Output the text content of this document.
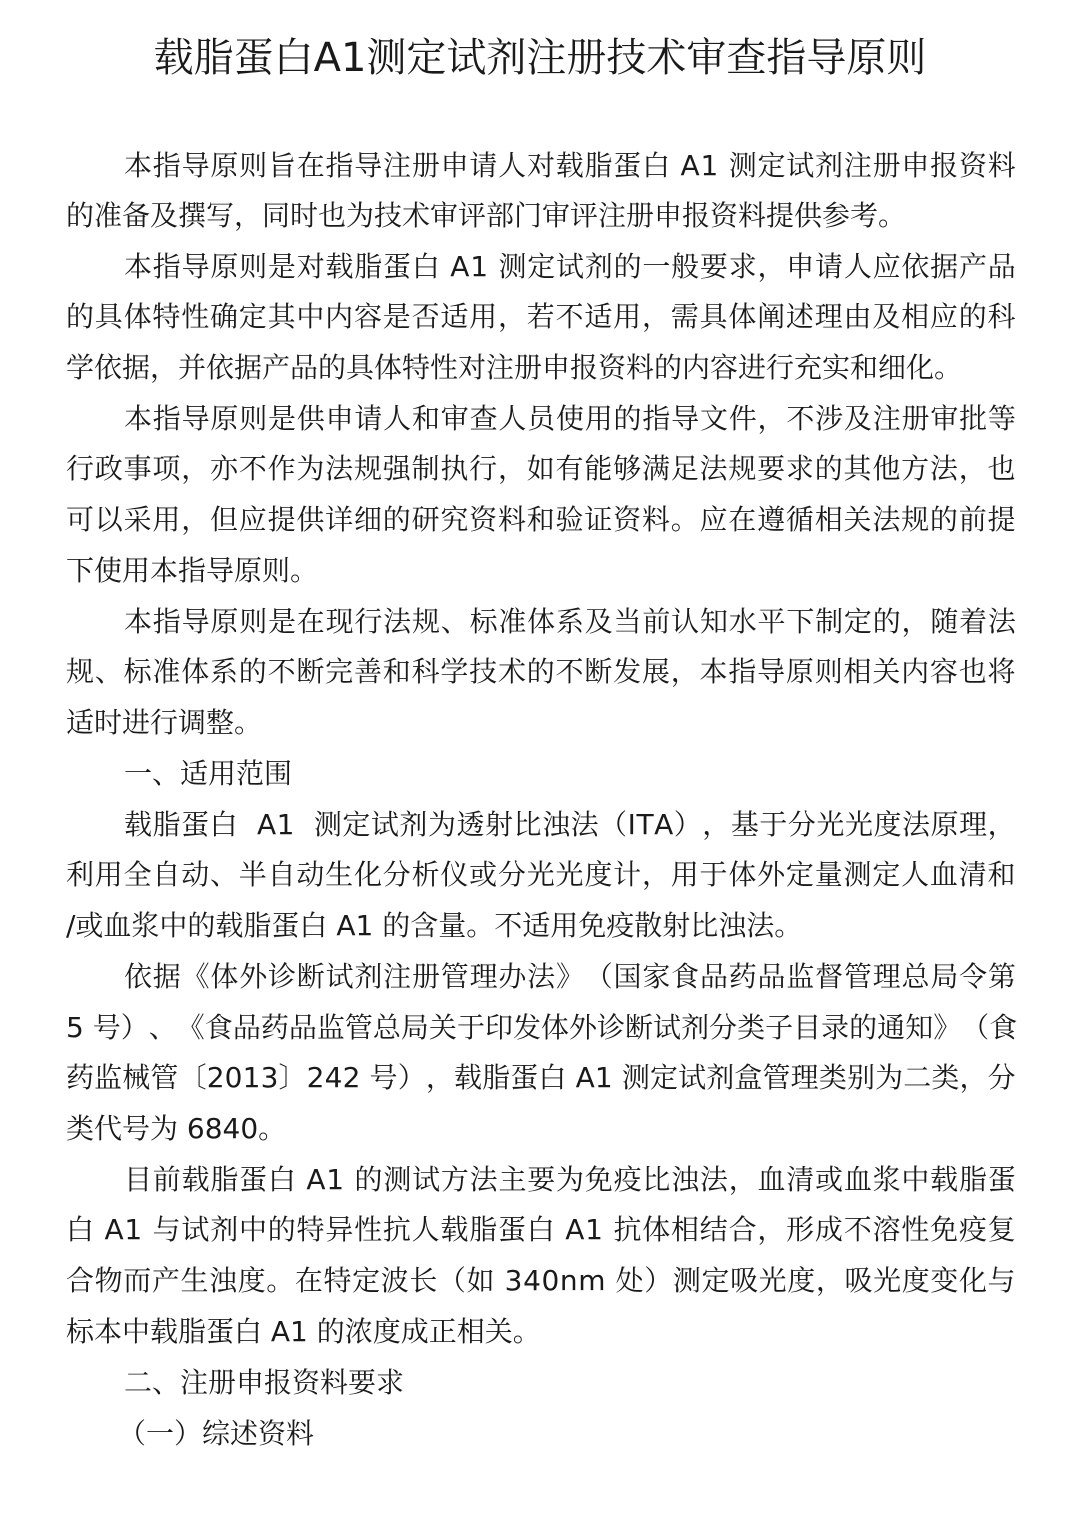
载脂蛋白A1测定试剂注册技术审查指导原则
本 指 导 原 则 旨 在 指 导 注 册 申 请 人 对 载 脂 蛋 白
A 1
测 定 试 剂 注 册 申 报 资 料
的准备及撰写，同时也为技术审评部门审评注册申报资料提供参考。
本 指 导 原 则 是 对 载 脂 蛋 白
A 1
测 定 试 剂 的 一 般 要 求 ， 申 请 人 应 依 据 产 品
的 具 体 特 性 确 定 其 中 内 容 是 否 适 用 ， 若 不 适 用 ， 需 具 体 阐 述 理 由 及 相 应 的 科
学依据，并依据产品的具体特性对注册申报资料的内容进行充实和细化。
本 指 导 原 则 是 供 申 请 人 和 审 查 人 员 使 用 的 指 导 文 件 ， 不 涉 及 注 册 审 批 等
行 政 事 项 ， 亦 不 作 为 法 规 强 制 执 行 ， 如 有 能 够 满 足 法 规 要 求 的 其 他 方 法 ， 也
可 以 采 用 ， 但 应 提 供 详 细 的 研 究 资 料 和 验 证 资 料 。 应 在 遵 循 相 关 法 规 的 前 提
下使用本指导原则。
本 指 导 原 则 是 在 现 行 法 规 、 标 准 体 系 及 当 前 认 知 水 平 下 制 定 的 ， 随 着 法
规 、 标 准 体 系 的 不 断 完 善 和 科 学 技 术 的 不 断 发 展 ， 本 指 导 原 则 相 关 内 容 也 将
适时进行调整。
一、适用范围
载 脂 蛋 白

A 1

测 定 试 剂 为 透 射 比 浊 法 （ I T A ） ， 基 于 分 光 光 度 法 原 理 ，
利 用 全 自 动 、 半 自 动 生 化 分 析 仪 或 分 光 光 度 计 ， 用 于 体 外 定 量 测 定 人 血 清 和
/或血浆中的载脂蛋白 A1 的含量。不适用免疫散射比浊法。
依 据 《 体 外 诊 断 试 剂 注 册 管 理 办 法 》 （ 国 家 食 品 药 品 监 督 管 理 总 局 令 第
5
号 ） 、 《 食 品 药 品 监 管 总 局 关 于 印 发 体 外 诊 断 试 剂 分 类 子 目 录 的 通 知 》 （ 食
药 监 械 管 〔 2 0 1 3 〕 2 4 2
号 ） ， 载 脂 蛋 白
A 1
测 定 试 剂 盒 管 理 类 别 为 二 类 ， 分
类代号为 6840。
目 前 载 脂 蛋 白
A 1
的 测 试 方 法 主 要 为 免 疫 比 浊 法 ， 血 清 或 血 浆 中 载 脂 蛋
白
A 1
与 试 剂 中 的 特 异 性 抗 人 载 脂 蛋 白
A 1
抗 体 相 结 合 ， 形 成 不 溶 性 免 疫 复
合 物 而 产 生 浊 度 。 在 特 定 波 长 （ 如
3 4 0 n m
处 ） 测 定 吸 光 度 ， 吸 光 度 变 化 与
标本中载脂蛋白 A1 的浓度成正相关。
二、注册申报资料要求
（一）综述资料
